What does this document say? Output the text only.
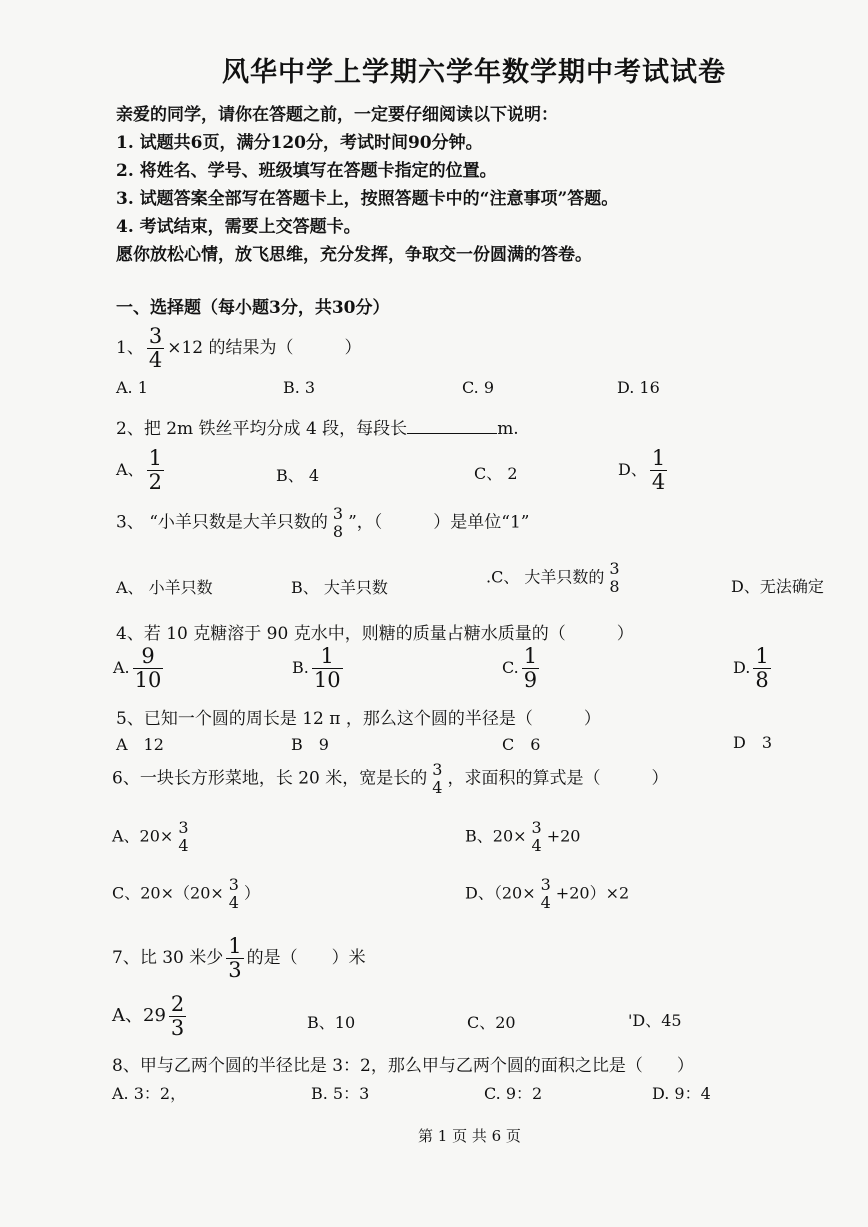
风华中学上学期六学年数学期中考试试卷
亲爱的同学，请你在答题之前，一定要仔细阅读以下说明：
1. 试题共6页，满分120分，考试时间90分钟。
2. 将姓名、学号、班级填写在答题卡指定的位置。
3. 试题答案全部写在答题卡上，按照答题卡中的“注意事项”答题。
4. 考试结束，需要上交答题卡。
愿你放松心情，放飞思维，充分发挥，争取交一份圆满的答卷。
一、选择题（每小题3分，共30分）
1、 $\frac{3}{4} \times 12$ 的结果为（　　　）
A. 1	B. 3	C. 9	D. 16
2、把 2m 铁丝平均分成 4 段，每段长	m.
A、 $\frac{1}{2}$	B、 4	C、 2	D、 $\frac{1}{4}$
3、 “小羊只数是大羊只数的 3
8 ”，（　　　）是单位“1”
A、 小羊只数	B、 大羊只数
.C、 大羊只数的 3
8	D、无法确定
4、若 10 克糖溶于 90 克水中，则糖的质量占糖水质量的（　　　）
A. $\frac{9}{10}$	B. $\frac{1}{10}$	C. $\frac{1}{9}$	D. $\frac{1}{8}$
5、已知一个圆的周长是 12 π ，那么这个圆的半径是（　　　）
A　12	B　9	C　6	D　3
6、一块长方形菜地，长 20 米，宽是长的 3
4 ，求面积的算式是（　　　）
A、20× 3
4	B、20× 3
4 +20
C、20×（20× 3
4 ）	D、（20× 3
4 +20）×2
7、比 30 米少 $\frac{1}{3}$ 的是（　　）米
A、$29 \frac{2}{3}$	B、10	C、20	'D、45
8、甲与乙两个圆的半径比是 3：2，那么甲与乙两个圆的面积之比是（　　）
A. 3：2，	B. 5：3	C. 9：2	D. 9：4
第 1 页 共 6 页
